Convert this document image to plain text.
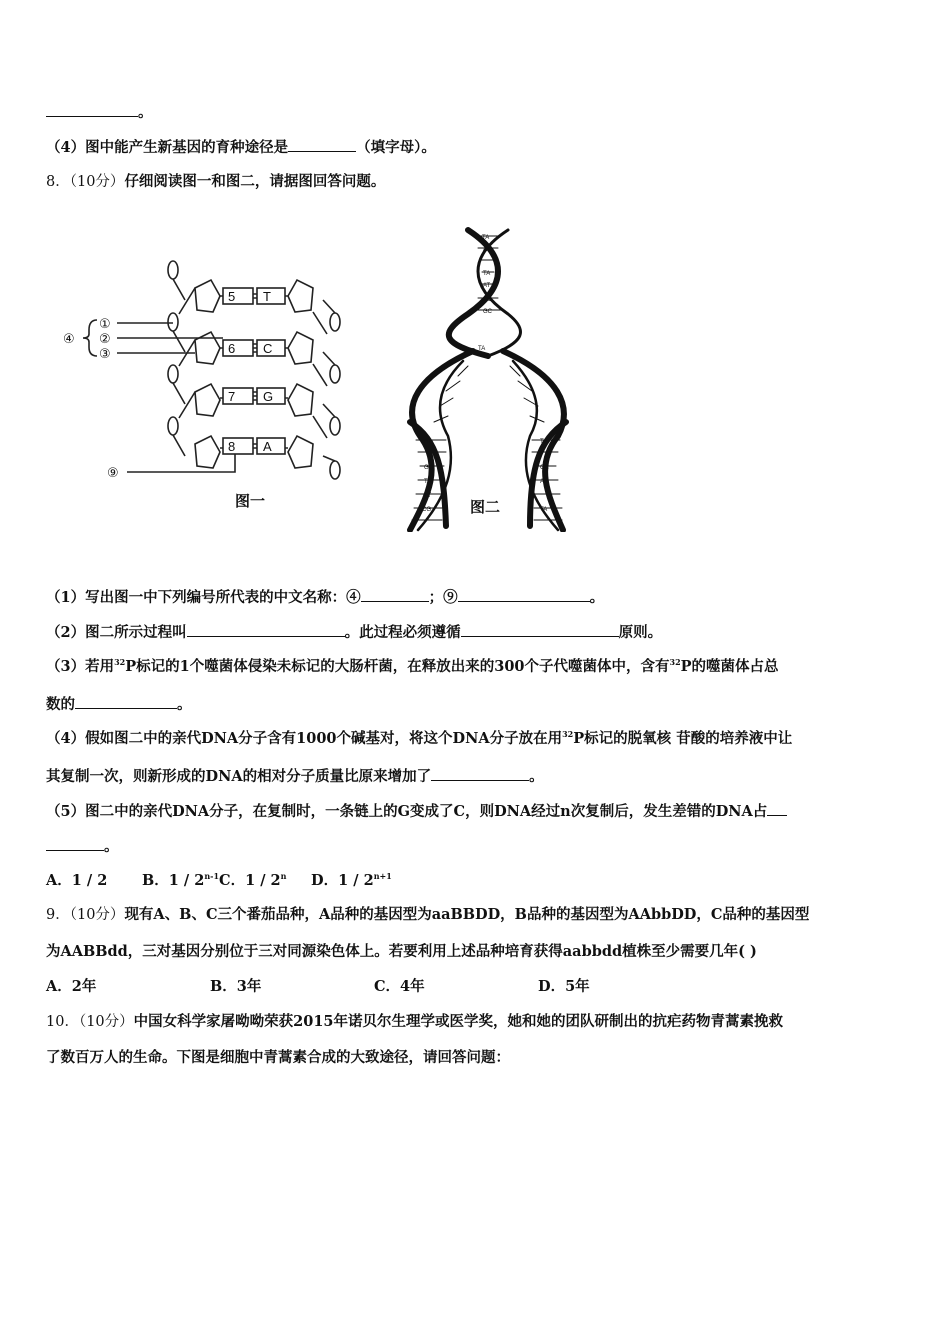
。
（4）图中能产生新基因的育种途径是	（填字母）。
8．（10分）仔细阅读图一和图二，请据图回答问题。
①
②
③
④
⑨
5
6
7
8
T
C
G
A
图一
TA
AT
TA
AT
CG
GC
TA
AT
GC
TA
AT
CG
TA
GC
AT
TA
图二
（1）写出图一中下列编号所代表的中文名称：④	；⑨	。
（2）图二所示过程叫	。此过程必须遵循	原则。
（3）若用$^{32}$P标记的1个噬菌体侵染未标记的大肠杆菌，在释放出来的300个子代噬菌体中，含有$^{32}$P的噬菌体占总
数的	。
（4）假如图二中的亲代DNA分子含有1000个碱基对，将这个DNA分子放在用$^{32}$P标记的脱氧核 苷酸的培养液中让
其复制一次，则新形成的DNA的相对分子质量比原来增加了	。
（5）图二中的亲代DNA分子，在复制时，一条链上的G变成了C，则DNA经过n次复制后，发生差错的DNA占
。
A．1 / 2 B．1 / 2$^{n-1}$C．1 / 2$^n$ D．$1 / 2^{n+1}$
9．（10分）现有A、B、C三个番茄品种，A品种的基因型为aaBBDD，B品种的基因型为AAbbDD，C品种的基因型
为AABBdd，三对基因分别位于三对同源染色体上。若要利用上述品种培育获得aabbdd植株至少需要几年( )
A．2年	B．3年	C．4年	D．5年
10．（10分）中国女科学家屠呦呦荣获2015年诺贝尔生理学或医学奖，她和她的团队研制出的抗疟药物青蒿素挽救
了数百万人的生命。下图是细胞中青蒿素合成的大致途径，请回答问题：
